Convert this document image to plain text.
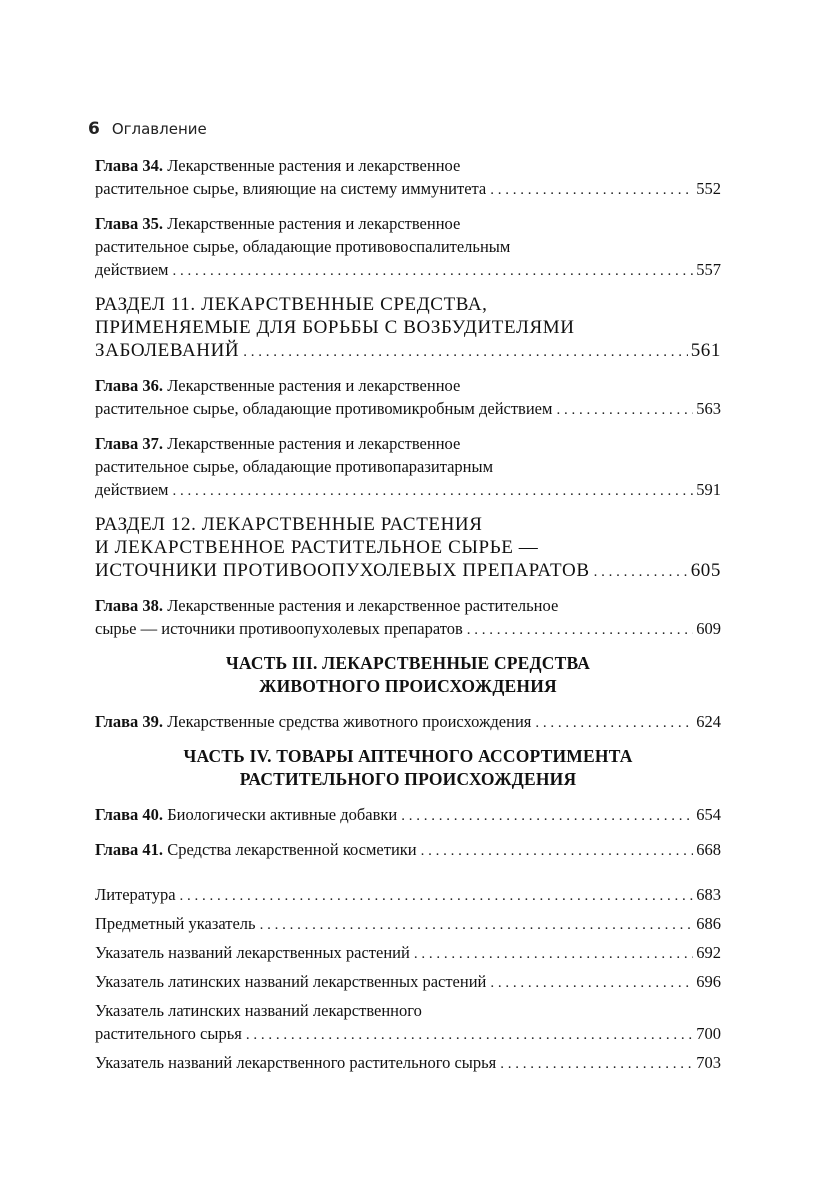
6 Оглавление
Глава 34. Лекарственные растения и лекарственное
растительное сырье, влияющие на систему иммунитета . . .	552
Глава 35. Лекарственные растения и лекарственное
растительное сырье, обладающие противовоспалительным
действием . . .	557
РАЗДЕЛ 11. ЛЕКАРСТВЕННЫЕ СРЕДСТВА,
ПРИМЕНЯЕМЫЕ ДЛЯ БОРЬБЫ С ВОЗБУДИТЕЛЯМИ
ЗАБОЛЕВАНИЙ . . .	561
Глава 36. Лекарственные растения и лекарственное
растительное сырье, обладающие противомикробным действием . . .	563
Глава 37. Лекарственные растения и лекарственное
растительное сырье, обладающие противопаразитарным
действием . . .	591
РАЗДЕЛ 12. ЛЕКАРСТВЕННЫЕ РАСТЕНИЯ
И ЛЕКАРСТВЕННОЕ РАСТИТЕЛЬНОЕ СЫРЬЕ —
ИСТОЧНИКИ ПРОТИВООПУХОЛЕВЫХ ПРЕПАРАТОВ . . .	605
Глава 38. Лекарственные растения и лекарственное растительное
сырье — источники противоопухолевых препаратов . . .	609
ЧАСТЬ III. ЛЕКАРСТВЕННЫЕ СРЕДСТВА
ЖИВОТНОГО ПРОИСХОЖДЕНИЯ
Глава 39. Лекарственные средства животного происхождения . . .	624
ЧАСТЬ IV. ТОВАРЫ АПТЕЧНОГО АССОРТИМЕНТА
РАСТИТЕЛЬНОГО ПРОИСХОЖДЕНИЯ
Глава 40. Биологически активные добавки . . .	654
Глава 41. Средства лекарственной косметики . . .	668
Литература . . .	683
Предметный указатель . . .	686
Указатель названий лекарственных растений . . .	692
Указатель латинских названий лекарственных растений . . .	696
Указатель латинских названий лекарственного
растительного сырья . . .	700
Указатель названий лекарственного растительного сырья . . .	703
